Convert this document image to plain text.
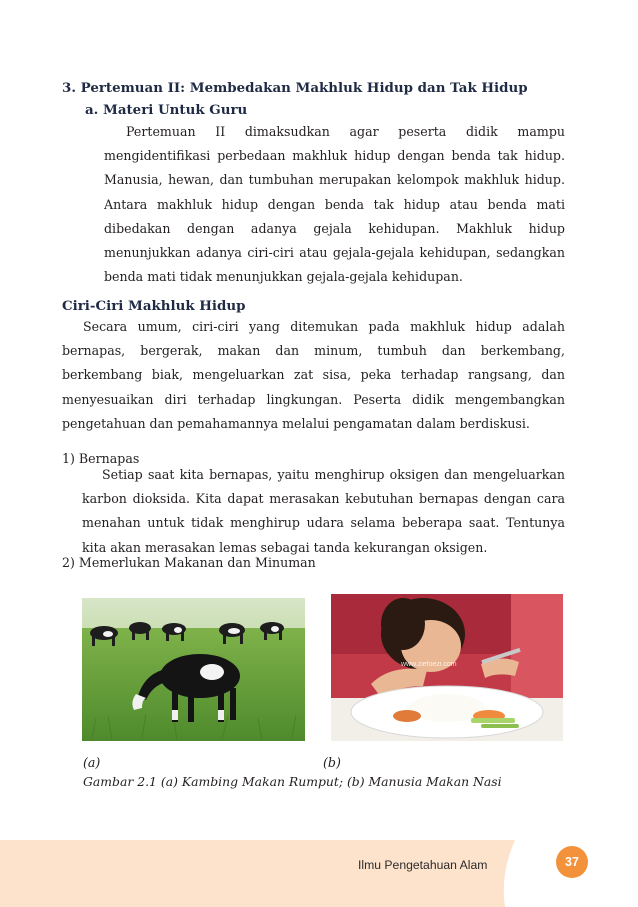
3. Pertemuan II: Membedakan Makhluk Hidup dan Tak Hidup
a. Materi Untuk Guru

Pertemuan II dimaksudkan agar peserta didik mampu mengidentifikasi perbedaan makhluk hidup dengan benda tak hidup. Manusia, hewan, dan tumbuhan merupakan kelompok makhluk hidup. Antara makhluk hidup dengan benda tak hidup atau benda mati dibedakan dengan adanya gejala kehidupan. Makhluk hidup menunjukkan adanya ciri-ciri atau gejala-gejala kehidupan, sedangkan benda mati tidak menunjukkan gejala-gejala kehidupan.

Ciri-Ciri Makhluk Hidup

Secara umum, ciri-ciri yang ditemukan pada makhluk hidup adalah bernapas, bergerak, makan dan minum, tumbuh dan berkembang, berkembang biak, mengeluarkan zat sisa, peka terhadap rangsang, dan menyesuaikan diri terhadap lingkungan. Peserta didik mengembangkan pengetahuan dan pemahamannya melalui pengamatan dalam berdiskusi.

1) Bernapas

Setiap saat kita bernapas, yaitu menghirup oksigen dan mengeluarkan karbon dioksida. Kita dapat merasakan kebutuhan bernapas dengan cara menahan untuk tidak menghirup udara selama beberapa saat. Tentunya kita akan merasakan lemas sebagai tanda kekurangan oksigen.

2) Memerlukan Makanan dan Minuman
www.ziefoezi.com
(a)	(b)
Gambar 2.1 (a) Kambing Makan Rumput; (b) Manusia Makan Nasi
Ilmu Pengetahuan Alam	37
